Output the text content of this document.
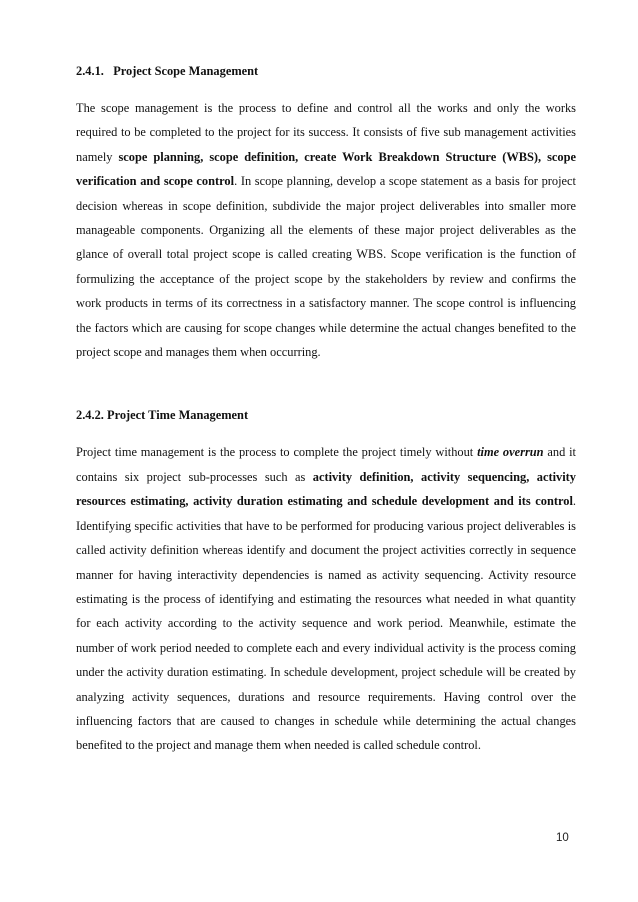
2.4.1. Project Scope Management

The scope management is the process to define and control all the works and only the works required to be completed to the project for its success. It consists of five sub management activities namely scope planning, scope definition, create Work Breakdown Structure (WBS), scope verification and scope control. In scope planning, develop a scope statement as a basis for project decision whereas in scope definition, subdivide the major project deliverables into smaller more manageable components. Organizing all the elements of these major project deliverables as the glance of overall total project scope is called creating WBS. Scope verification is the function of formulizing the acceptance of the project scope by the stakeholders by review and confirms the work products in terms of its correctness in a satisfactory manner. The scope control is influencing the factors which are causing for scope changes while determine the actual changes benefited to the project scope and manages them when occurring.

2.4.2. Project Time Management

Project time management is the process to complete the project timely without time overrun and it contains six project sub-processes such as activity definition, activity sequencing, activity resources estimating, activity duration estimating and schedule development and its control. Identifying specific activities that have to be performed for producing various project deliverables is called activity definition whereas identify and document the project activities correctly in sequence manner for having interactivity dependencies is named as activity sequencing. Activity resource estimating is the process of identifying and estimating the resources what needed in what quantity for each activity according to the activity sequence and work period. Meanwhile, estimate the number of work period needed to complete each and every individual activity is the process coming under the activity duration estimating. In schedule development, project schedule will be created by analyzing activity sequences, durations and resource requirements. Having control over the influencing factors that are caused to changes in schedule while determining the actual changes benefited to the project and manage them when needed is called schedule control.

10
